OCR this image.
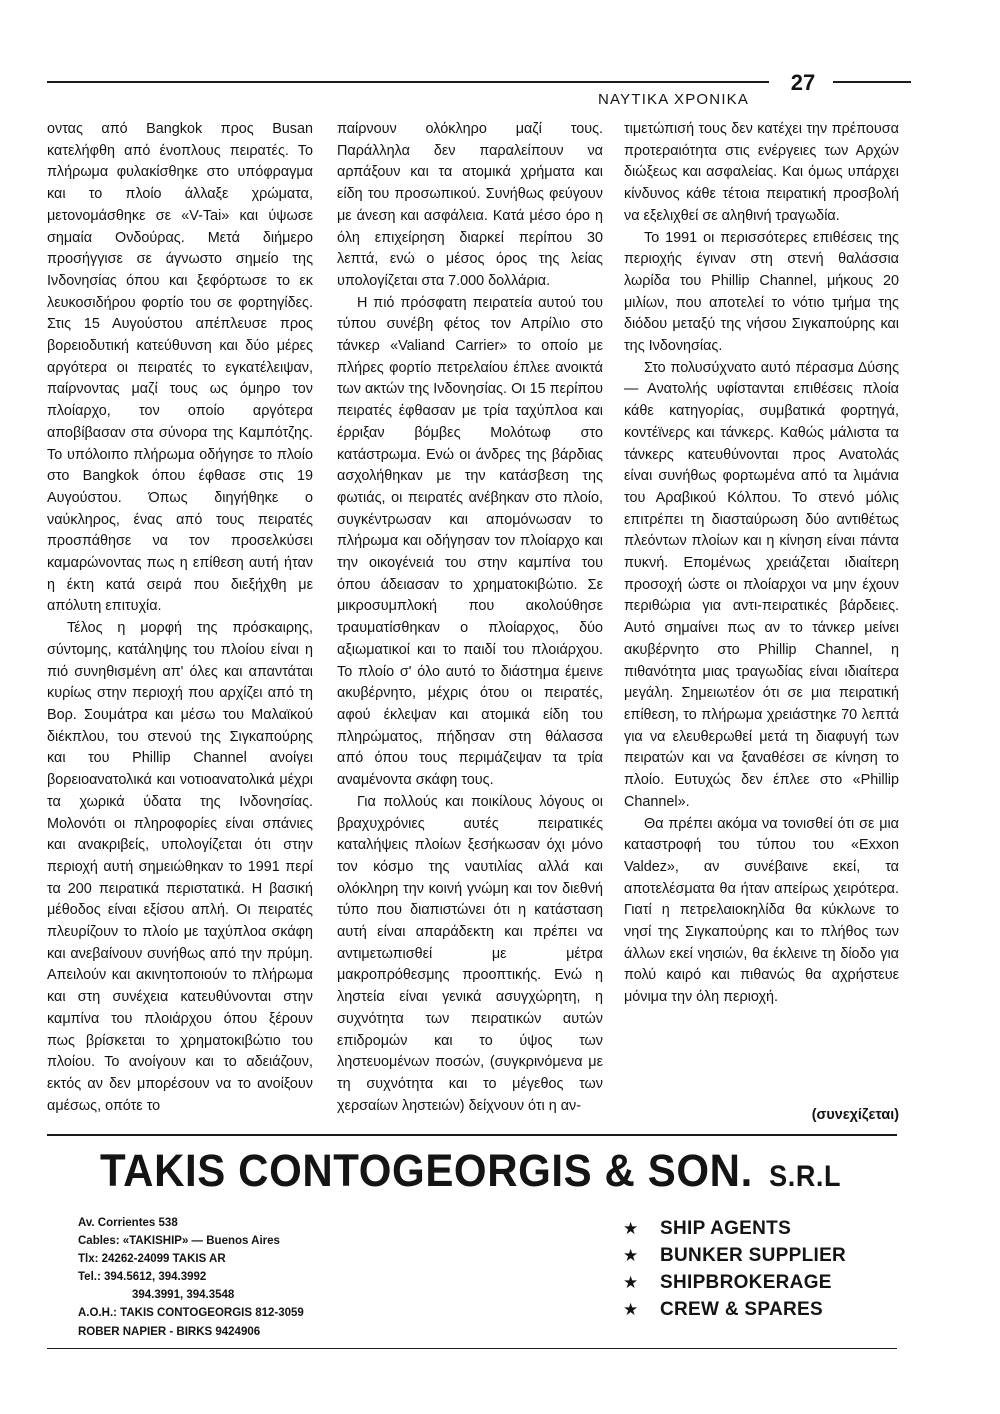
27
ΝΑΥΤΙΚΑ ΧΡΟΝΙΚΑ

οντας από Bangkok προς Busan κατελήφθη από ένοπλους πειρατές. Το πλήρωμα φυλακίσθηκε στο υπόφραγμα και το πλοίο άλλαξε χρώματα, μετονομάσθηκε σε «V-Tai» και ύψωσε σημαία Ονδούρας. Μετά διήμερο προσήγγισε σε άγνωστο σημείο της Ινδονησίας όπου και ξεφόρτωσε το εκ λευκοσιδήρου φορτίο του σε φορτηγίδες. Στις 15 Αυγούστου απέπλευσε προς βορειοδυτική κατεύθυνση και δύο μέρες αργότερα οι πειρατές το εγκατέλειψαν, παίρνοντας μαζί τους ως όμηρο τον πλοίαρχο, τον οποίο αργότερα αποβίβασαν στα σύνορα της Καμπότζης. Το υπόλοιπο πλήρωμα οδήγησε το πλοίο στο Bangkok όπου έφθασε στις 19 Αυγούστου. Όπως διηγήθηκε ο ναύκληρος, ένας από τους πειρατές προσπάθησε να τον προσελκύσει καμαρώνοντας πως η επίθεση αυτή ήταν η έκτη κατά σειρά που διεξήχθη με απόλυτη επιτυχία.

Τέλος η μορφή της πρόσκαιρης, σύντομης, κατάληψης του πλοίου είναι η πιό συνηθισμένη απ' όλες και απαντάται κυρίως στην περιοχή που αρχίζει από τη Βορ. Σουμάτρα και μέσω του Μαλαϊκού διέκπλου, του στενού της Σιγκαπούρης και του Phillip Channel ανοίγει βορειοανατολικά και νοτιοανατολικά μέχρι τα χωρικά ύδατα της Ινδονησίας. Μολονότι οι πληροφορίες είναι σπάνιες και ανακριβείς, υπολογίζεται ότι στην περιοχή αυτή σημειώθηκαν το 1991 περί τα 200 πειρατικά περιστατικά. Η βασική μέθοδος είναι εξίσου απλή. Οι πειρατές πλευρίζουν το πλοίο με ταχύπλοα σκάφη και ανεβαίνουν συνήθως από την πρύμη. Απειλούν και ακινητοποιούν το πλήρωμα και στη συνέχεια κατευθύνονται στην καμπίνα του πλοιάρχου όπου ξέρουν πως βρίσκεται το χρηματοκιβώτιο του πλοίου. Το ανοίγουν και το αδειάζουν, εκτός αν δεν μπορέσουν να το ανοίξουν αμέσως, οπότε το

παίρνουν ολόκληρο μαζί τους. Παράλληλα δεν παραλείπουν να αρπάξουν και τα ατομικά χρήματα και είδη του προσωπικού. Συνήθως φεύγουν με άνεση και ασφάλεια. Κατά μέσο όρο η όλη επιχείρηση διαρκεί περίπου 30 λεπτά, ενώ ο μέσος όρος της λείας υπολογίζεται στα 7.000 δολλάρια.

Η πιό πρόσφατη πειρατεία αυτού του τύπου συνέβη φέτος τον Απρίλιο στο τάνκερ «Valiand Carrier» το οποίο με πλήρες φορτίο πετρελαίου έπλεε ανοικτά των ακτών της Ινδονησίας. Οι 15 περίπου πειρατές έφθασαν με τρία ταχύπλοα και έρριξαν βόμβες Μολότωφ στο κατάστρωμα. Ενώ οι άνδρες της βάρδιας ασχολήθηκαν με την κατάσβεση της φωτιάς, οι πειρατές ανέβηκαν στο πλοίο, συγκέντρωσαν και απομόνωσαν το πλήρωμα και οδήγησαν τον πλοίαρχο και την οικογένειά του στην καμπίνα του όπου άδειασαν το χρηματοκιβώτιο. Σε μικροσυμπλοκή που ακολούθησε τραυματίσθηκαν ο πλοίαρχος, δύο αξιωματικοί και το παιδί του πλοιάρχου. Το πλοίο σ' όλο αυτό το διάστημα έμεινε ακυβέρνητο, μέχρις ότου οι πειρατές, αφού έκλεψαν και ατομικά είδη του πληρώματος, πήδησαν στη θάλασσα από όπου τους περιμάζεψαν τα τρία αναμένοντα σκάφη τους.

Για πολλούς και ποικίλους λόγους οι βραχυχρόνιες αυτές πειρατικές καταλήψεις πλοίων ξεσήκωσαν όχι μόνο τον κόσμο της ναυτιλίας αλλά και ολόκληρη την κοινή γνώμη και τον διεθνή τύπο που διαπιστώνει ότι η κατάσταση αυτή είναι απαράδεκτη και πρέπει να αντιμετωπισθεί με μέτρα μακροπρόθεσμης προοπτικής. Ενώ η ληστεία είναι γενικά ασυγχώρητη, η συχνότητα των πειρατικών αυτών επιδρομών και το ύψος των ληστευομένων ποσών, (συγκρινόμενα με τη συχνότητα και το μέγεθος των χερσαίων ληστειών) δείχνουν ότι η αν-

τιμετώπισή τους δεν κατέχει την πρέπουσα προτεραιότητα στις ενέργειες των Αρχών διώξεως και ασφαλείας. Και όμως υπάρχει κίνδυνος κάθε τέτοια πειρατική προσβολή να εξελιχθεί σε αληθινή τραγωδία.

Το 1991 οι περισσότερες επιθέσεις της περιοχής έγιναν στη στενή θαλάσσια λωρίδα του Phillip Channel, μήκους 20 μιλίων, που αποτελεί το νότιο τμήμα της διόδου μεταξύ της νήσου Σιγκαπούρης και της Ινδονησίας.

Στο πολυσύχνατο αυτό πέρασμα Δύσης — Ανατολής υφίστανται επιθέσεις πλοία κάθε κατηγορίας, συμβατικά φορτηγά, κοντέϊνερς και τάνκερς. Καθώς μάλιστα τα τάνκερς κατευθύνονται προς Ανατολάς είναι συνήθως φορτωμένα από τα λιμάνια του Αραβικού Κόλπου. Το στενό μόλις επιτρέπει τη διασταύρωση δύο αντιθέτως πλεόντων πλοίων και η κίνηση είναι πάντα πυκνή. Επομένως χρειάζεται ιδιαίτερη προσοχή ώστε οι πλοίαρχοι να μην έχουν περιθώρια για αντι-πειρατικές βάρδειες. Αυτό σημαίνει πως αν το τάνκερ μείνει ακυβέρνητο στο Phillip Channel, η πιθανότητα μιας τραγωδίας είναι ιδιαίτερα μεγάλη. Σημειωτέον ότι σε μια πειρατική επίθεση, το πλήρωμα χρειάστηκε 70 λεπτά για να ελευθερωθεί μετά τη διαφυγή των πειρατών και να ξαναθέσει σε κίνηση το πλοίο. Ευτυχώς δεν έπλεε στο «Phillip Channel».

Θα πρέπει ακόμα να τονισθεί ότι σε μια καταστροφή του τύπου του «Exxon Valdez», αν συνέβαινε εκεί, τα αποτελέσματα θα ήταν απείρως χειρότερα. Γιατί η πετρελαιοκηλίδα θα κύκλωνε το νησί της Σιγκαπούρης και το πλήθος των άλλων εκεί νησιών, θα έκλεινε τη δίοδο για πολύ καιρό και πιθανώς θα αχρήστευε μόνιμα την όλη περιοχή.

(συνεχίζεται)
TAKIS CONTOGEORGIS & SON. S.R.L
Av. Corrientes 538
Cables: «TAKISHIP» — Buenos Aires
Tlx: 24262-24099 TAKIS AR
Tel.: 394.5612, 394.3992
394.3991, 394.3548
A.O.H.: TAKIS CONTOGEORGIS 812-3059
ROBER NAPIER - BIRKS 9424906
★	SHIP AGENTS
★	BUNKER SUPPLIER
★	SHIPBROKERAGE
★	CREW & SPARES
